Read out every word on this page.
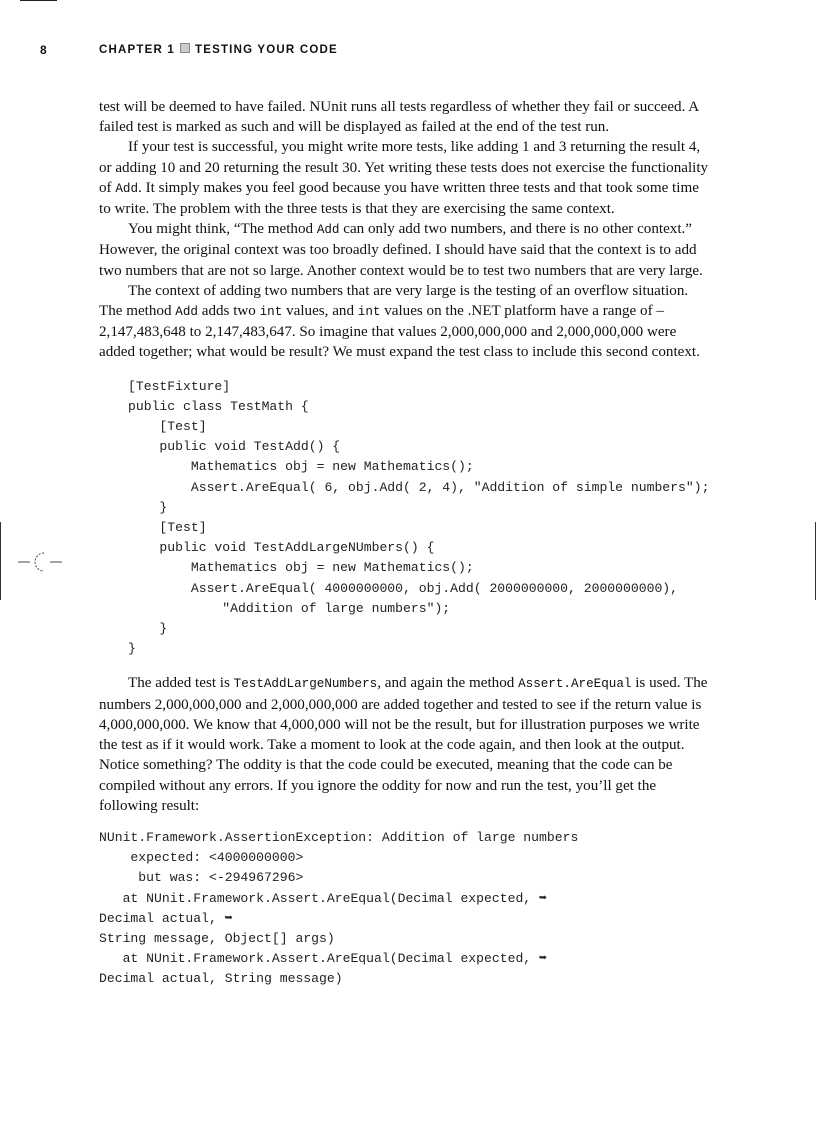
8	CHAPTER 1 TESTING YOUR CODE

test will be deemed to have failed. NUnit runs all tests regardless of whether they fail or succeed. A failed test is marked as such and will be displayed as failed at the end of the test run.

If your test is successful, you might write more tests, like adding 1 and 3 returning the result 4, or adding 10 and 20 returning the result 30. Yet writing these tests does not exercise the functionality of Add. It simply makes you feel good because you have written three tests and that took some time to write. The problem with the three tests is that they are exercising the same context.

You might think, “The method Add can only add two numbers, and there is no other context.” However, the original context was too broadly defined. I should have said that the context is to add two numbers that are not so large. Another context would be to test two numbers that are very large.

The context of adding two numbers that are very large is the testing of an overflow situation. The method Add adds two int values, and int values on the .NET platform have a range of –2,147,483,648 to 2,147,483,647. So imagine that values 2,000,000,000 and 2,000,000,000 were added together; what would be result? We must expand the test class to include this second context.

[TestFixture]
public class TestMath {
[Test]
public void TestAdd() {
Mathematics obj = new Mathematics();
Assert.AreEqual( 6, obj.Add( 2, 4), "Addition of simple numbers");
}
[Test]
public void TestAddLargeNUmbers() {
Mathematics obj = new Mathematics();
Assert.AreEqual( 4000000000, obj.Add( 2000000000, 2000000000),
"Addition of large numbers");
}
}

The added test is TestAddLargeNumbers, and again the method Assert.AreEqual is used. The numbers 2,000,000,000 and 2,000,000,000 are added together and tested to see if the return value is 4,000,000,000. We know that 4,000,000 will not be the result, but for illustration purposes we write the test as if it would work. Take a moment to look at the code again, and then look at the output. Notice something? The oddity is that the code could be executed, meaning that the code can be compiled without any errors. If you ignore the oddity for now and run the test, you’ll get the following result:

NUnit.Framework.AssertionException: Addition of large numbers
expected: <4000000000>
but was: <-294967296>
at NUnit.Framework.Assert.AreEqual(Decimal expected, ➥
Decimal actual, ➥
String message, Object[] args)
at NUnit.Framework.Assert.AreEqual(Decimal expected, ➥
Decimal actual, String message)
